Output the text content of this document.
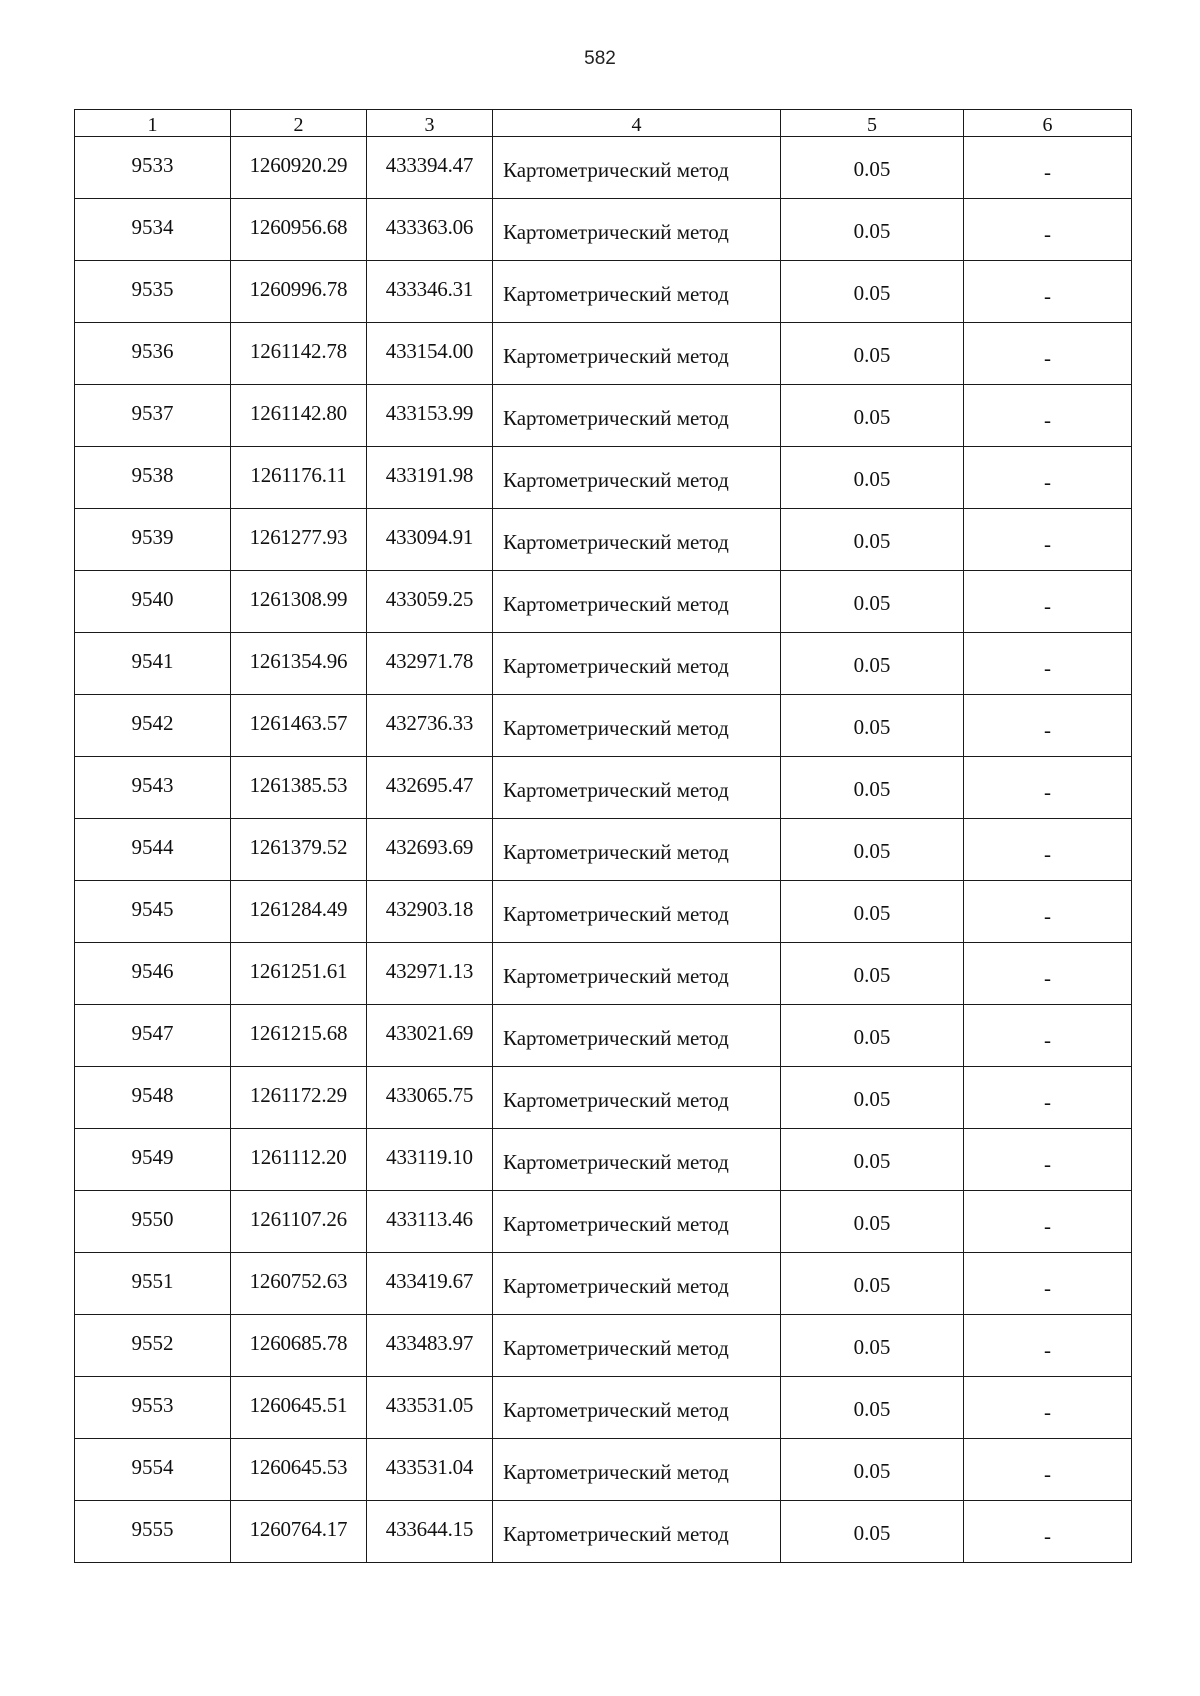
582
1	2	3	4	5	6
9533	1260920.29	433394.47	Картометрический метод	0.05	-
9534	1260956.68	433363.06	Картометрический метод	0.05	-
9535	1260996.78	433346.31	Картометрический метод	0.05	-
9536	1261142.78	433154.00	Картометрический метод	0.05	-
9537	1261142.80	433153.99	Картометрический метод	0.05	-
9538	1261176.11	433191.98	Картометрический метод	0.05	-
9539	1261277.93	433094.91	Картометрический метод	0.05	-
9540	1261308.99	433059.25	Картометрический метод	0.05	-
9541	1261354.96	432971.78	Картометрический метод	0.05	-
9542	1261463.57	432736.33	Картометрический метод	0.05	-
9543	1261385.53	432695.47	Картометрический метод	0.05	-
9544	1261379.52	432693.69	Картометрический метод	0.05	-
9545	1261284.49	432903.18	Картометрический метод	0.05	-
9546	1261251.61	432971.13	Картометрический метод	0.05	-
9547	1261215.68	433021.69	Картометрический метод	0.05	-
9548	1261172.29	433065.75	Картометрический метод	0.05	-
9549	1261112.20	433119.10	Картометрический метод	0.05	-
9550	1261107.26	433113.46	Картометрический метод	0.05	-
9551	1260752.63	433419.67	Картометрический метод	0.05	-
9552	1260685.78	433483.97	Картометрический метод	0.05	-
9553	1260645.51	433531.05	Картометрический метод	0.05	-
9554	1260645.53	433531.04	Картометрический метод	0.05	-
9555	1260764.17	433644.15	Картометрический метод	0.05	-
